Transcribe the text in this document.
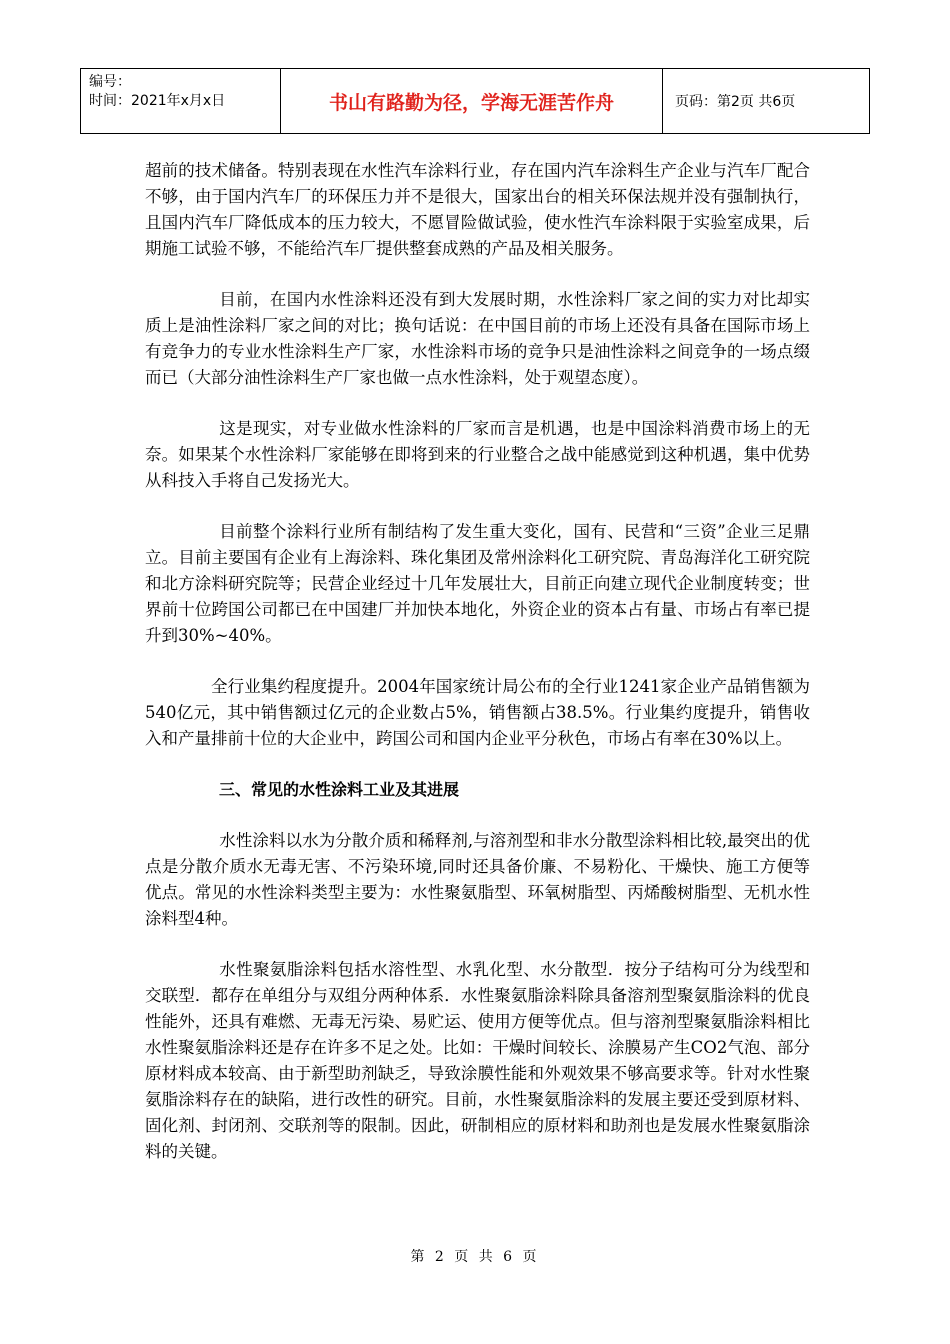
编号：
时间：2021年x月x日	书山有路勤为径，学海无涯苦作舟	页码：第2页 共6页

超前的技术储备。特别表现在水性汽车涂料行业，存在国内汽车涂料生产企业与汽车厂配合不够，由于国内汽车厂的环保压力并不是很大，国家出台的相关环保法规并没有强制执行，且国内汽车厂降低成本的压力较大，不愿冒险做试验，使水性汽车涂料限于实验室成果，后期施工试验不够，不能给汽车厂提供整套成熟的产品及相关服务。

目前，在国内水性涂料还没有到大发展时期，水性涂料厂家之间的实力对比却实质上是油性涂料厂家之间的对比；换句话说：在中国目前的市场上还没有具备在国际市场上有竞争力的专业水性涂料生产厂家，水性涂料市场的竞争只是油性涂料之间竞争的一场点缀而已（大部分油性涂料生产厂家也做一点水性涂料，处于观望态度）。

这是现实，对专业做水性涂料的厂家而言是机遇，也是中国涂料消费市场上的无奈。如果某个水性涂料厂家能够在即将到来的行业整合之战中能感觉到这种机遇，集中优势从科技入手将自己发扬光大。

目前整个涂料行业所有制结构了发生重大变化，国有、民营和“三资”企业三足鼎立。目前主要国有企业有上海涂料、珠化集团及常州涂料化工研究院、青岛海洋化工研究院和北方涂料研究院等；民营企业经过十几年发展壮大，目前正向建立现代企业制度转变；世界前十位跨国公司都已在中国建厂并加快本地化，外资企业的资本占有量、市场占有率已提升到30%~40%。

全行业集约程度提升。2004年国家统计局公布的全行业1241家企业产品销售额为540亿元，其中销售额过亿元的企业数占5%，销售额占38.5%。行业集约度提升，销售收入和产量排前十位的大企业中，跨国公司和国内企业平分秋色，市场占有率在30%以上。

三、常见的水性涂料工业及其进展

水性涂料以水为分散介质和稀释剂,与溶剂型和非水分散型涂料相比较,最突出的优点是分散介质水无毒无害、不污染环境,同时还具备价廉、不易粉化、干燥快、施工方便等优点。常见的水性涂料类型主要为：水性聚氨脂型、环氧树脂型、丙烯酸树脂型、无机水性涂料型4种。

水性聚氨脂涂料包括水溶性型、水乳化型、水分散型．按分子结构可分为线型和交联型．都存在单组分与双组分两种体系．水性聚氨脂涂料除具备溶剂型聚氨脂涂料的优良性能外，还具有难燃、无毒无污染、易贮运、使用方便等优点。但与溶剂型聚氨脂涂料相比水性聚氨脂涂料还是存在许多不足之处。比如：干燥时间较长、涂膜易产生CO2气泡、部分原材料成本较高、由于新型助剂缺乏，导致涂膜性能和外观效果不够高要求等。针对水性聚氨脂涂料存在的缺陷，进行改性的研究。目前，水性聚氨脂涂料的发展主要还受到原材料、固化剂、封闭剂、交联剂等的限制。因此，研制相应的原材料和助剂也是发展水性聚氨脂涂料的关键。

第 2 页 共 6 页
